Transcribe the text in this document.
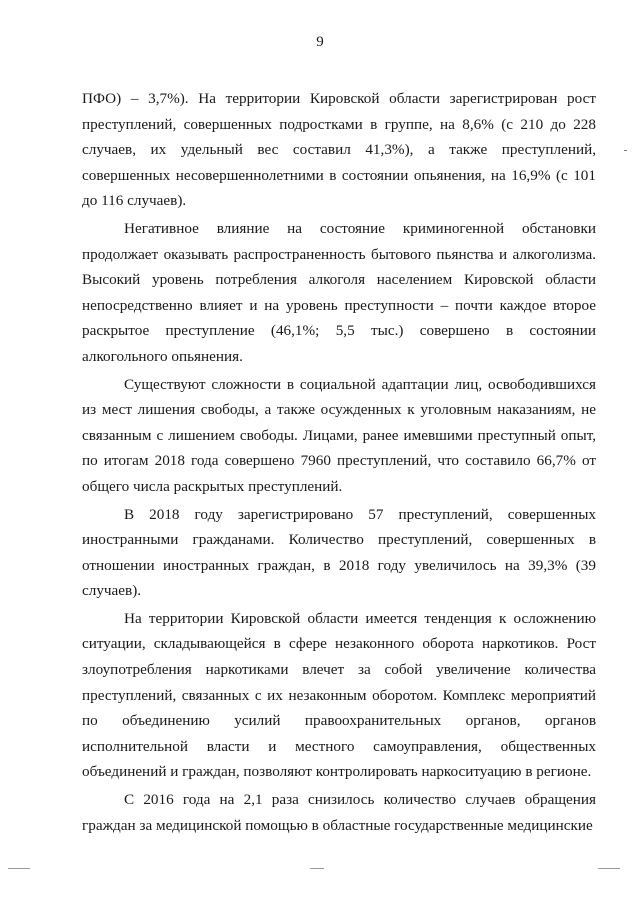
9

ПФО) – 3,7%). На территории Кировской области зарегистрирован рост преступлений, совершенных подростками в группе, на 8,6% (с 210 до 228 случаев, их удельный вес составил 41,3%), а также преступлений, совершенных несовершеннолетними в состоянии опьянения, на 16,9% (с 101 до 116 случаев).

Негативное влияние на состояние криминогенной обстановки продолжает оказывать распространенность бытового пьянства и алкоголизма. Высокий уровень потребления алкоголя населением Кировской области непосредственно влияет и на уровень преступности – почти каждое второе раскрытое преступление (46,1%; 5,5 тыс.) совершено в состоянии алкогольного опьянения.

Существуют сложности в социальной адаптации лиц, освободившихся из мест лишения свободы, а также осужденных к уголовным наказаниям, не связанным с лишением свободы. Лицами, ранее имевшими преступный опыт, по итогам 2018 года совершено 7960 преступлений, что составило 66,7% от общего числа раскрытых преступлений.

В 2018 году зарегистрировано 57 преступлений, совершенных иностранными гражданами. Количество преступлений, совершенных в отношении иностранных граждан, в 2018 году увеличилось на 39,3% (39 случаев).

На территории Кировской области имеется тенденция к осложнению ситуации, складывающейся в сфере незаконного оборота наркотиков. Рост злоупотребления наркотиками влечет за собой увеличение количества преступлений, связанных с их незаконным оборотом. Комплекс мероприятий по объединению усилий правоохранительных органов, органов исполнительной власти и местного самоуправления, общественных объединений и граждан, позволяют контролировать наркоситуацию в регионе.

С 2016 года на 2,1 раза снизилось количество случаев обращения граждан за медицинской помощью в областные государственные медицинские
